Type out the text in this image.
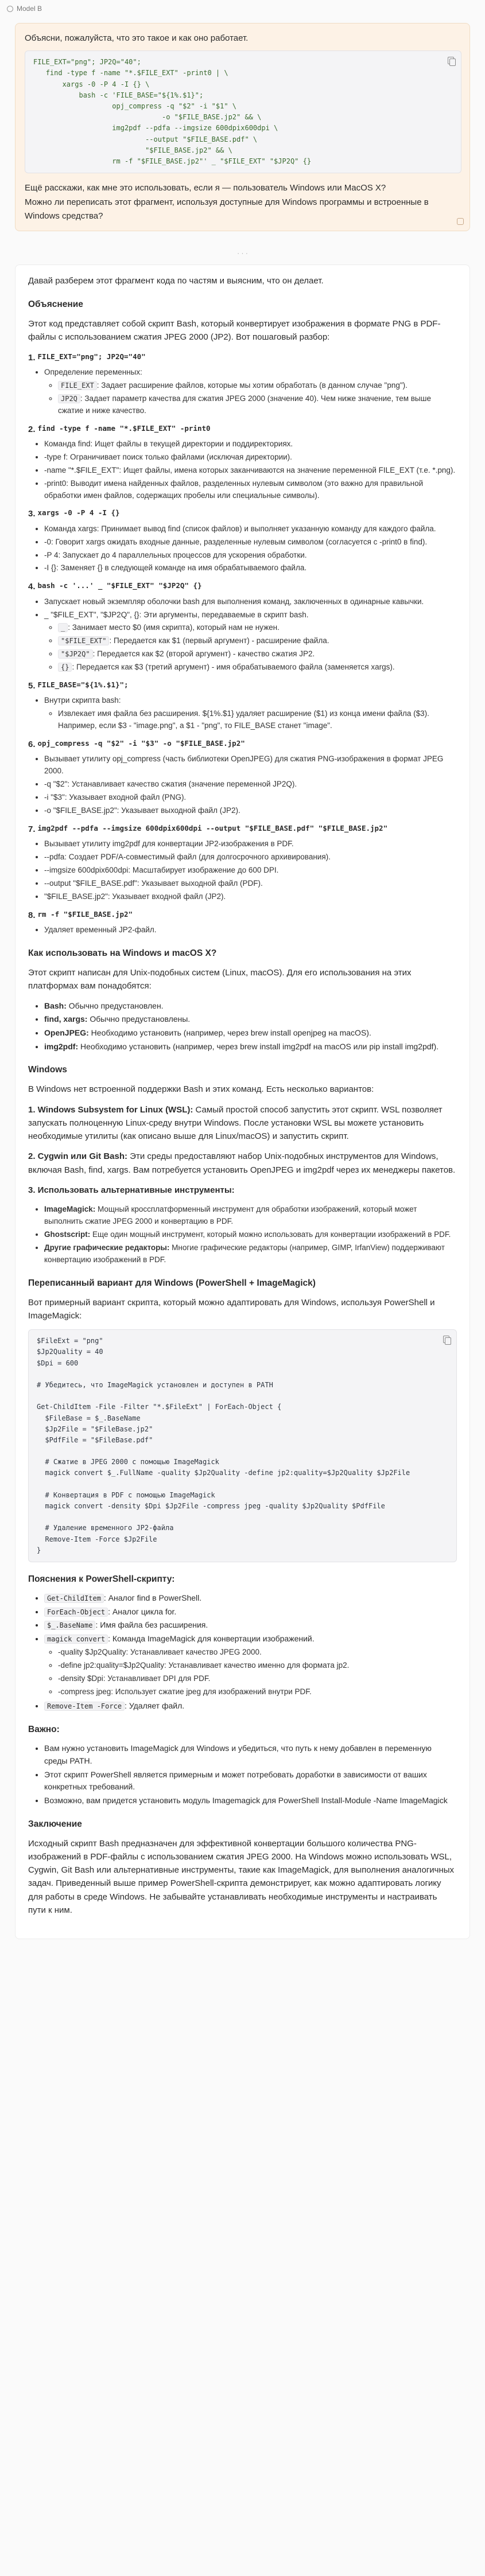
Model B

Объясни, пожалуйста, что это такое и как оно работает.

FILE_EXT="png"; JP2Q="40";
find -type f -name "*.$FILE_EXT" -print0 | \
xargs -0 -P 4 -I {} \
bash -c 'FILE_BASE="${1%.$1}";
opj_compress -q "$2" -i "$1" \
-o "$FILE_BASE.jp2" && \
img2pdf --pdfa --imgsize 600dpix600dpi \
--output "$FILE_BASE.pdf" \
"$FILE_BASE.jp2" && \
rm -f "$FILE_BASE.jp2"' _ "$FILE_EXT" "$JP2Q" {}

Ещё расскажи, как мне это использовать, если я — пользователь Windows или MacOS X?

Можно ли переписать этот фрагмент, используя доступные для Windows программы и встроенные в Windows средства?

· · ·

Давай разберем этот фрагмент кода по частям и выясним, что он делает.

Объяснение

Этот код представляет собой скрипт Bash, который конвертирует изображения в формате PNG в PDF-файлы с использованием сжатия JPEG 2000 (JP2). Вот пошаговый разбор:

1. FILE_EXT="png"; JP2Q="40"
• Определение переменных:
◦ FILE_EXT : Задает расширение файлов, которые мы хотим обработать (в данном случае "png").
◦ JP2Q : Задает параметр качества для сжатия JPEG 2000 (значение 40). Чем ниже значение, тем выше сжатие и ниже качество.
2. find -type f -name "*.$FILE_EXT" -print0
• Команда find: Ищет файлы в текущей директории и поддиректориях.
• -type f: Ограничивает поиск только файлами (исключая директории).
• -name "*.$FILE_EXT": Ищет файлы, имена которых заканчиваются на значение переменной FILE_EXT (т.е. *.png).
• -print0: Выводит имена найденных файлов, разделенных нулевым символом (это важно для правильной обработки имен файлов, содержащих пробелы или специальные символы).
3. xargs -0 -P 4 -I {}
• Команда xargs: Принимает вывод find (список файлов) и выполняет указанную команду для каждого файла.
• -0: Говорит xargs ожидать входные данные, разделенные нулевым символом (согласуется с -print0 в find).
• -P 4: Запускает до 4 параллельных процессов для ускорения обработки.
• -I {}: Заменяет {} в следующей команде на имя обрабатываемого файла.
4. bash -c '...' _ "$FILE_EXT" "$JP2Q" {}
• Запускает новый экземпляр оболочки bash для выполнения команд, заключенных в одинарные кавычки.
• _ "$FILE_EXT", "$JP2Q", {}: Эти аргументы, передаваемые в скрипт bash.
◦ _ : Занимает место $0 (имя скрипта), который нам не нужен.
◦ "$FILE_EXT" : Передается как $1 (первый аргумент) - расширение файла.
◦ "$JP2Q" : Передается как $2 (второй аргумент) - качество сжатия JP2.
◦ {} : Передается как $3 (третий аргумент) - имя обрабатываемого файла (заменяется xargs).
5. FILE_BASE="${1%.$1}";
• Внутри скрипта bash:
◦ Извлекает имя файла без расширения. ${1%.$1} удаляет расширение ($1) из конца имени файла ($3). Например, если $3 - "image.png", а $1 - "png", то FILE_BASE станет "image".
6. opj_compress -q "$2" -i "$3" -o "$FILE_BASE.jp2"
• Вызывает утилиту opj_compress (часть библиотеки OpenJPEG) для сжатия PNG-изображения в формат JPEG 2000.
• -q "$2": Устанавливает качество сжатия (значение переменной JP2Q).
• -i "$3": Указывает входной файл (PNG).
• -o "$FILE_BASE.jp2": Указывает выходной файл (JP2).
7. img2pdf --pdfa --imgsize 600dpix600dpi --output "$FILE_BASE.pdf" "$FILE_BASE.jp2"
• Вызывает утилиту img2pdf для конвертации JP2-изображения в PDF.
• --pdfa: Создает PDF/A-совместимый файл (для долгосрочного архивирования).
• --imgsize 600dpix600dpi: Масштабирует изображение до 600 DPI.
• --output "$FILE_BASE.pdf": Указывает выходной файл (PDF).
• "$FILE_BASE.jp2": Указывает входной файл (JP2).
8. rm -f "$FILE_BASE.jp2"
• Удаляет временный JP2-файл.
Как использовать на Windows и macOS X?

Этот скрипт написан для Unix-подобных систем (Linux, macOS). Для его использования на этих платформах вам понадобятся:

• Bash: Обычно предустановлен.
• find, xargs: Обычно предустановлены.
• OpenJPEG: Необходимо установить (например, через brew install openjpeg на macOS).
• img2pdf: Необходимо установить (например, через brew install img2pdf на macOS или pip install img2pdf).
Windows

В Windows нет встроенной поддержки Bash и этих команд. Есть несколько вариантов:

1. Windows Subsystem for Linux (WSL): Самый простой способ запустить этот скрипт. WSL позволяет запускать полноценную Linux-среду внутри Windows. После установки WSL вы можете установить необходимые утилиты (как описано выше для Linux/macOS) и запустить скрипт.

2. Cygwin или Git Bash: Эти среды предоставляют набор Unix-подобных инструментов для Windows, включая Bash, find, xargs. Вам потребуется установить OpenJPEG и img2pdf через их менеджеры пакетов.

3. Использовать альтернативные инструменты:

• ImageMagick: Мощный кроссплатформенный инструмент для обработки изображений, который может выполнить сжатие JPEG 2000 и конвертацию в PDF.
• Ghostscript: Еще один мощный инструмент, который можно использовать для конвертации изображений в PDF.
• Другие графические редакторы: Многие графические редакторы (например, GIMP, IrfanView) поддерживают конвертацию изображений в PDF.
Переписанный вариант для Windows (PowerShell + ImageMagick)

Вот примерный вариант скрипта, который можно адаптировать для Windows, используя PowerShell и ImageMagick:

$FileExt = "png"
$Jp2Quality = 40
$Dpi = 600

# Убедитесь, что ImageMagick установлен и доступен в PATH

Get-ChildItem -File -Filter "*.$FileExt" | ForEach-Object {
$FileBase = $_.BaseName
$Jp2File = "$FileBase.jp2"
$PdfFile = "$FileBase.pdf"

# Сжатие в JPEG 2000 с помощью ImageMagick
magick convert $_.FullName -quality $Jp2Quality -define jp2:quality=$Jp2Quality $Jp2File

# Конвертация в PDF с помощью ImageMagick
magick convert -density $Dpi $Jp2File -compress jpeg -quality $Jp2Quality $PdfFile

# Удаление временного JP2-файла
Remove-Item -Force $Jp2File
}
Пояснения к PowerShell-скрипту:
• Get-ChildItem : Аналог find в PowerShell.
• ForEach-Object : Аналог цикла for.
• $_.BaseName : Имя файла без расширения.
• magick convert : Команда ImageMagick для конвертации изображений.
◦ -quality $Jp2Quality: Устанавливает качество JPEG 2000.
◦ -define jp2:quality=$Jp2Quality: Устанавливает качество именно для формата jp2.
◦ -density $Dpi: Устанавливает DPI для PDF.
◦ -compress jpeg: Использует сжатие jpeg для изображений внутри PDF.
• Remove-Item -Force : Удаляет файл.
Важно:
• Вам нужно установить ImageMagick для Windows и убедиться, что путь к нему добавлен в переменную среды PATH.
• Этот скрипт PowerShell является примерным и может потребовать доработки в зависимости от ваших конкретных требований.
• Возможно, вам придется установить модуль Imagemagick для PowerShell Install-Module -Name ImageMagick
Заключение

Исходный скрипт Bash предназначен для эффективной конвертации большого количества PNG-изображений в PDF-файлы с использованием сжатия JPEG 2000. На Windows можно использовать WSL, Cygwin, Git Bash или альтернативные инструменты, такие как ImageMagick, для выполнения аналогичных задач. Приведенный выше пример PowerShell-скрипта демонстрирует, как можно адаптировать логику для работы в среде Windows. Не забывайте устанавливать необходимые инструменты и настраивать пути к ним.
